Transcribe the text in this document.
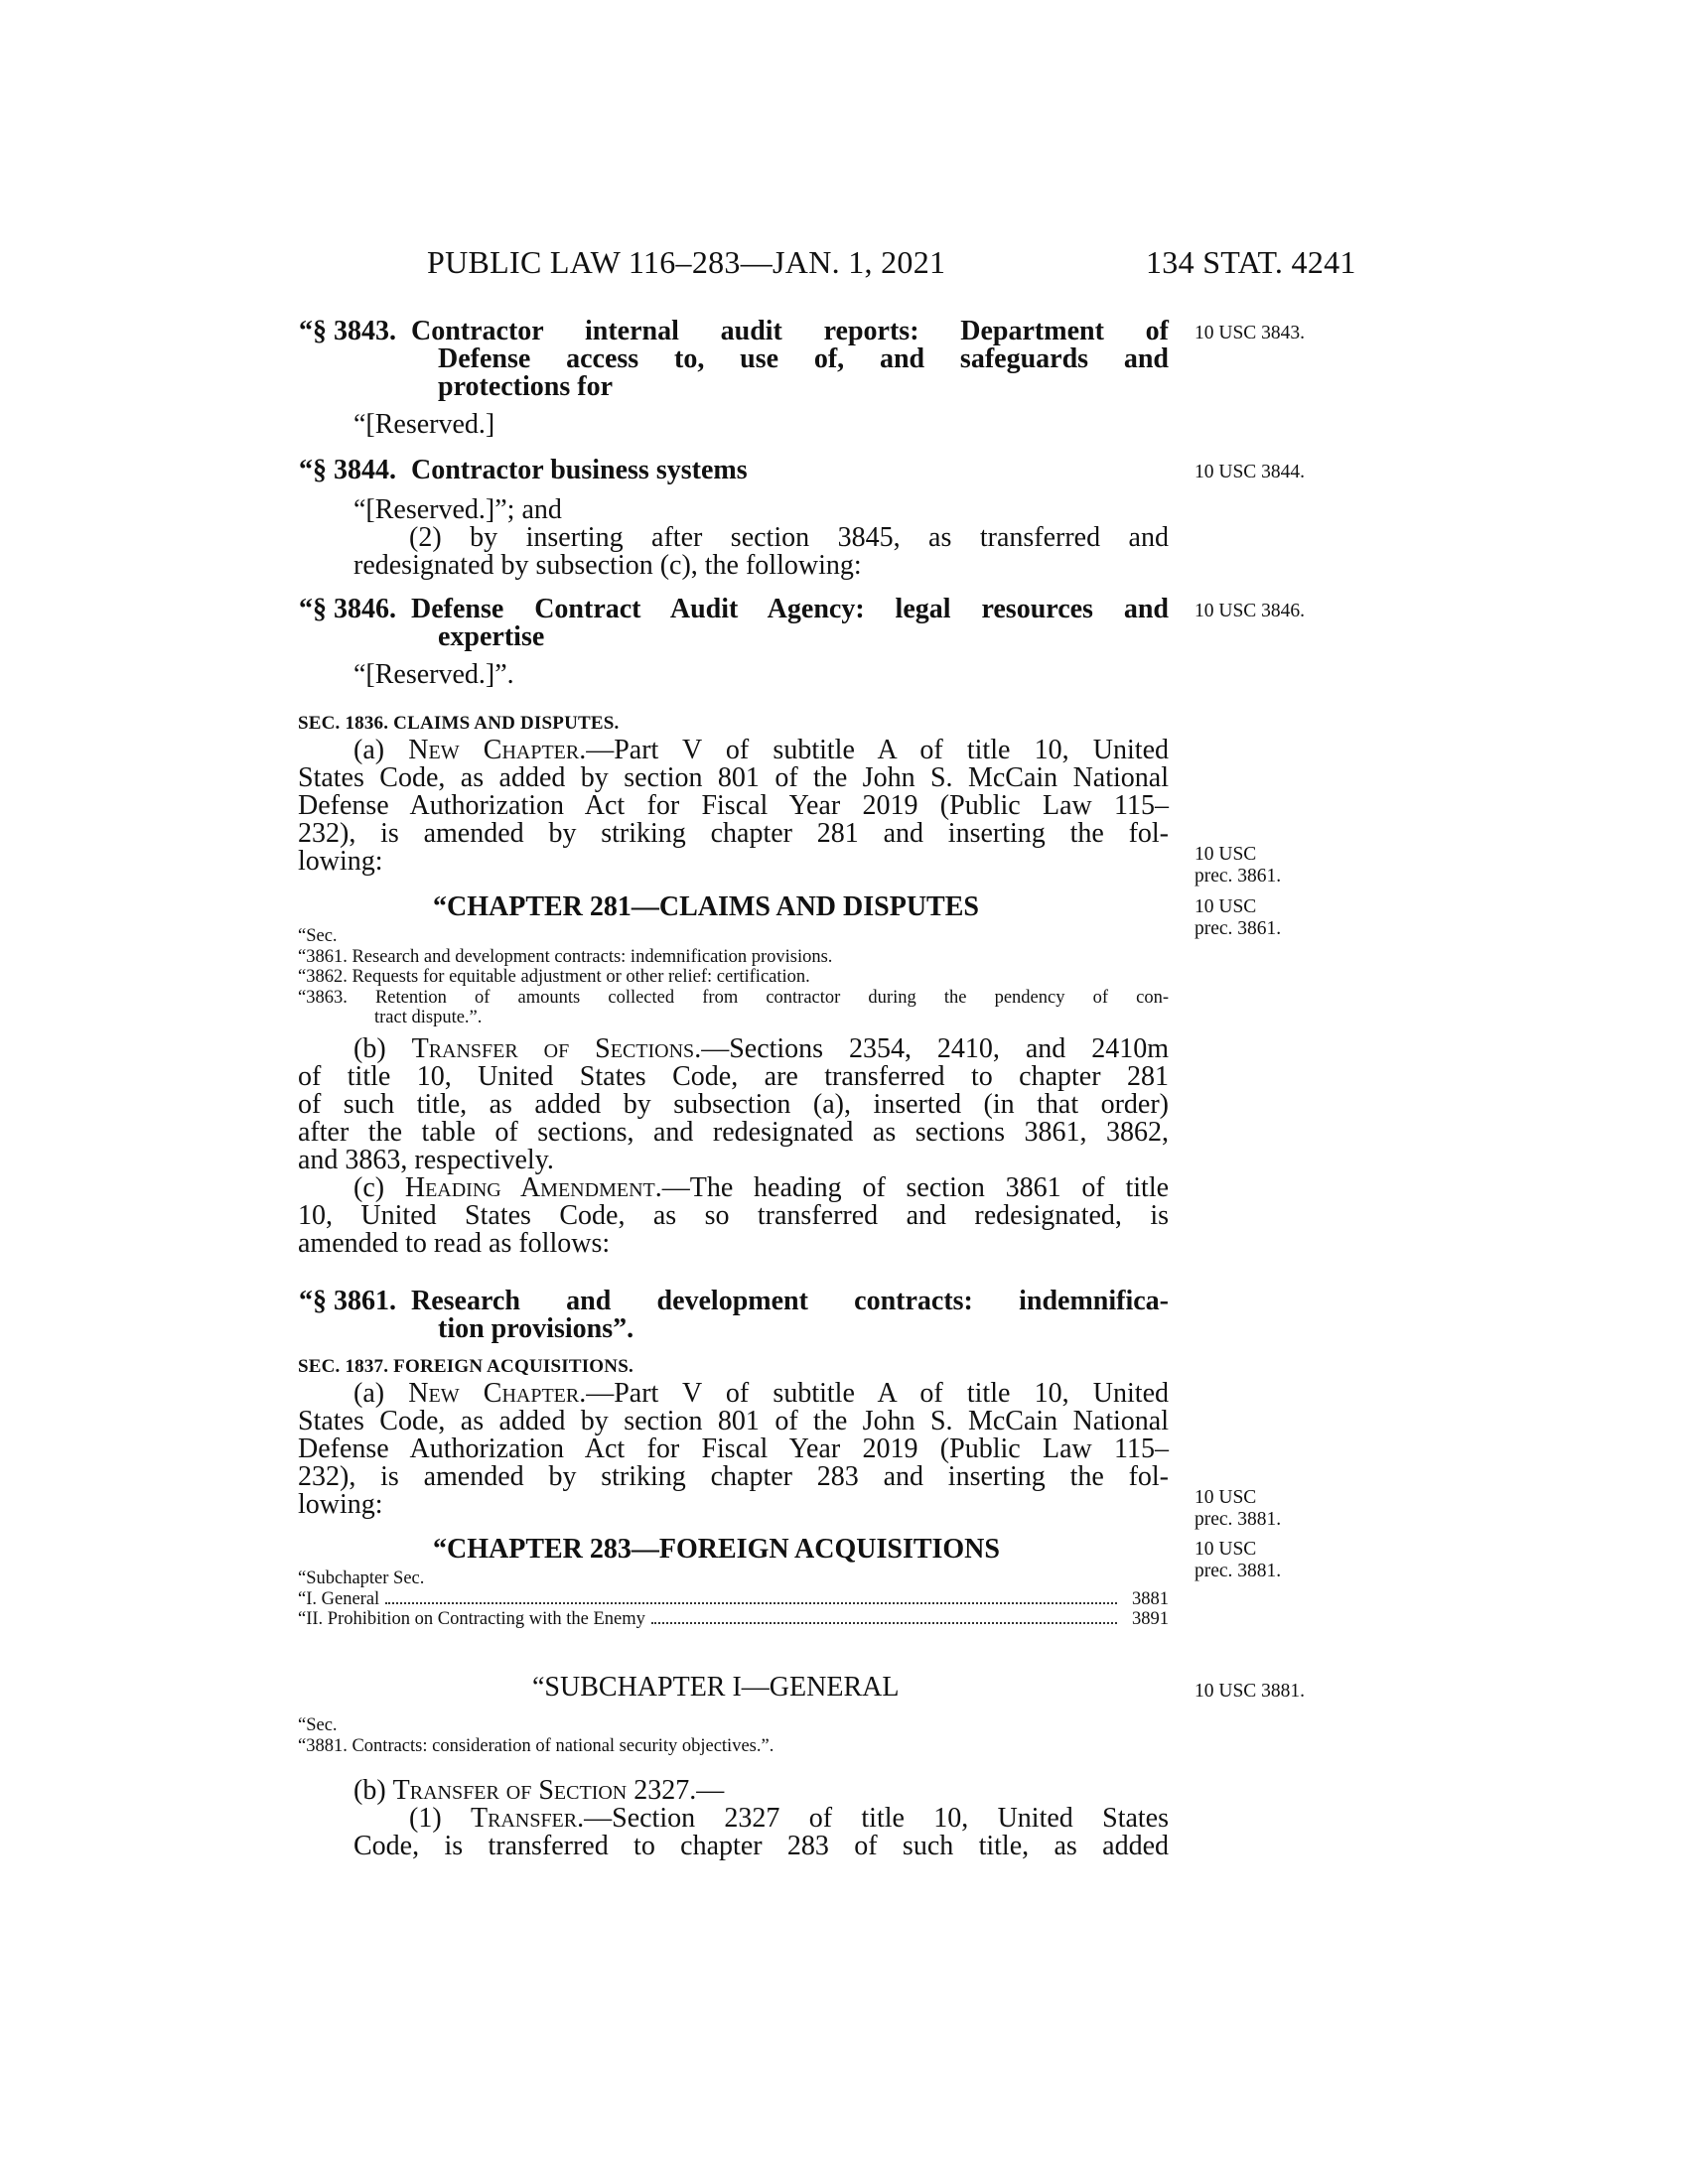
PUBLIC LAW 116–283—JAN. 1, 2021	134 STAT. 4241
“§ 3843. Contractor internal audit reports: Department of
Defense access to, use of, and safeguards and
protections for
10 USC 3843.
“[Reserved.]
“§ 3844. Contractor business systems	10 USC 3844.
“[Reserved.]”; and
(2) by inserting after section 3845, as transferred and
redesignated by subsection (c), the following:
“§ 3846. Defense Contract Audit Agency: legal resources and
expertise
10 USC 3846.
“[Reserved.]”.
SEC. 1836. CLAIMS AND DISPUTES.
(a) New Chapter.—Part V of subtitle A of title 10, United
States Code, as added by section 801 of the John S. McCain National
Defense Authorization Act for Fiscal Year 2019 (Public Law 115–
232), is amended by striking chapter 281 and inserting the fol-
lowing:	10 USC
prec. 3861.
“CHAPTER 281—CLAIMS AND DISPUTES	10 USC
prec. 3861.
“Sec.
“3861. Research and development contracts: indemnification provisions.
“3862. Requests for equitable adjustment or other relief: certification.
“3863. Retention of amounts collected from contractor during the pendency of con-
tract dispute.”.
(b) Transfer of Sections.—Sections 2354, 2410, and 2410m
of title 10, United States Code, are transferred to chapter 281
of such title, as added by subsection (a), inserted (in that order)
after the table of sections, and redesignated as sections 3861, 3862,
and 3863, respectively.
(c) Heading Amendment.—The heading of section 3861 of title
10, United States Code, as so transferred and redesignated, is
amended to read as follows:
“§ 3861. Research and development contracts: indemnifica-
tion provisions”.
SEC. 1837. FOREIGN ACQUISITIONS.
(a) New Chapter.—Part V of subtitle A of title 10, United
States Code, as added by section 801 of the John S. McCain National
Defense Authorization Act for Fiscal Year 2019 (Public Law 115–
232), is amended by striking chapter 283 and inserting the fol-
lowing:	10 USC
prec. 3881.
“CHAPTER 283—FOREIGN ACQUISITIONS	10 USC
prec. 3881.
“Subchapter Sec.
“I. General	3881
“II. Prohibition on Contracting with the Enemy	3891
“SUBCHAPTER I—GENERAL	10 USC 3881.
“Sec.
“3881. Contracts: consideration of national security objectives.”.
(b) Transfer of Section 2327.—
(1) Transfer.—Section 2327 of title 10, United States
Code, is transferred to chapter 283 of such title, as added
